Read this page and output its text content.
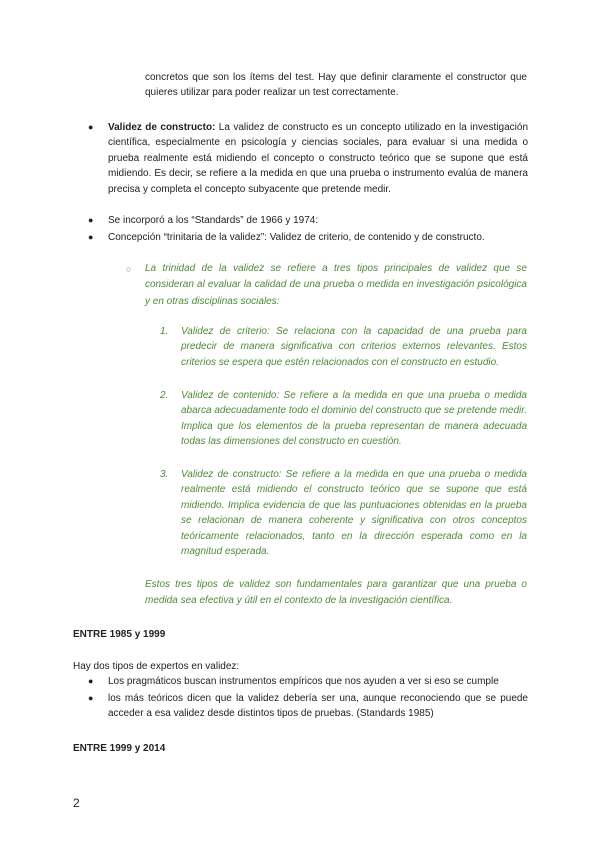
concretos que son los ítems del test. Hay que definir claramente el constructor que quieres utilizar para poder realizar un test correctamente.

● Validez de constructo: La validez de constructo es un concepto utilizado en la investigación científica, especialmente en psicología y ciencias sociales, para evaluar si una medida o prueba realmente está midiendo el concepto o constructo teórico que se supone que está midiendo. Es decir, se refiere a la medida en que una prueba o instrumento evalúa de manera precisa y completa el concepto subyacente que pretende medir.

● Se incorporó a los “Standards” de 1966 y 1974:

● Concepción “trinitaria de la validez”: Validez de criterio, de contenido y de constructo.

○ La trinidad de la validez se refiere a tres tipos principales de validez que se consideran al evaluar la calidad de una prueba o medida en investigación psicológica y en otras disciplinas sociales:

1. Validez de criterio: Se relaciona con la capacidad de una prueba para predecir de manera significativa con criterios externos relevantes. Estos criterios se espera que estén relacionados con el constructo en estudio.

2. Validez de contenido: Se refiere a la medida en que una prueba o medida abarca adecuadamente todo el dominio del constructo que se pretende medir. Implica que los elementos de la prueba representan de manera adecuada todas las dimensiones del constructo en cuestión.

3. Validez de constructo: Se refiere a la medida en que una prueba o medida realmente está midiendo el constructo teórico que se supone que está midiendo. Implica evidencia de que las puntuaciones obtenidas en la prueba se relacionan de manera coherente y significativa con otros conceptos teóricamente relacionados, tanto en la dirección esperada como en la magnitud esperada.

Estos tres tipos de validez son fundamentales para garantizar que una prueba o medida sea efectiva y útil en el contexto de la investigación científica.

ENTRE 1985 y 1999

Hay dos tipos de expertos en validez:

● Los pragmáticos buscan instrumentos empíricos que nos ayuden a ver si eso se cumple

● los más teóricos dicen que la validez debería ser una, aunque reconociendo que se puede acceder a esa validez desde distintos tipos de pruebas. (Standards 1985)

ENTRE 1999 y 2014

2
